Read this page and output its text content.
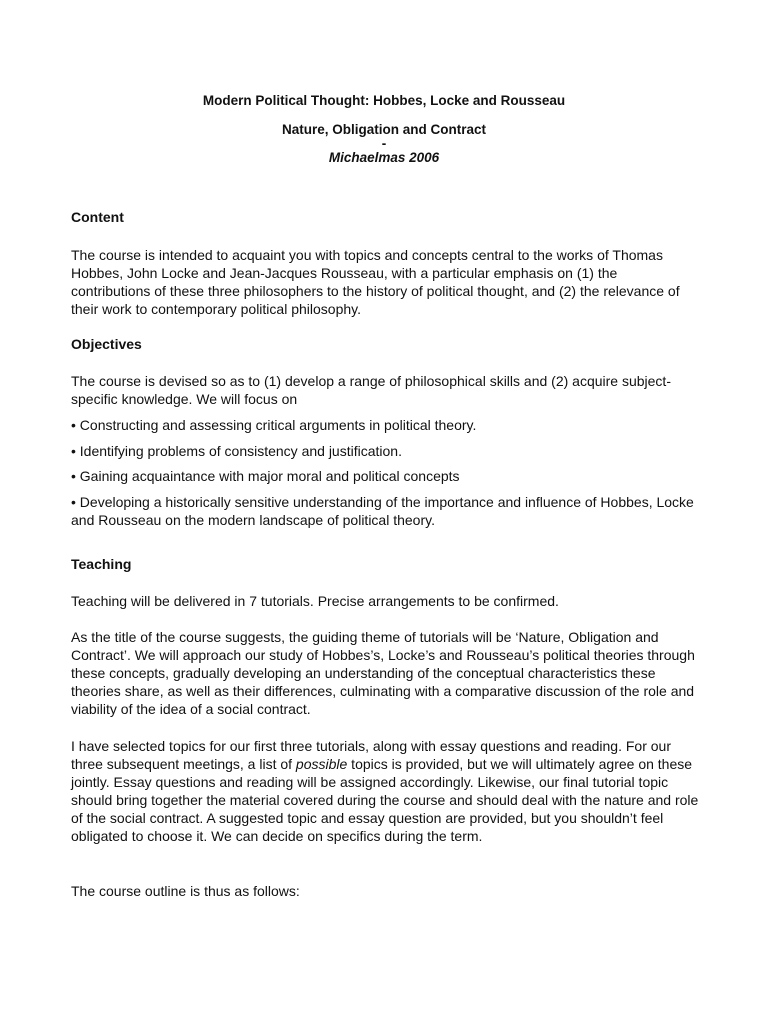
Modern Political Thought: Hobbes, Locke and Rousseau

Nature, Obligation and Contract

-

Michaelmas 2006

Content

The course is intended to acquaint you with topics and concepts central to the works of Thomas Hobbes, John Locke and Jean-Jacques Rousseau, with a particular emphasis on (1) the contributions of these three philosophers to the history of political thought, and (2) the relevance of their work to contemporary political philosophy.

Objectives

The course is devised so as to (1) develop a range of philosophical skills and (2) acquire subject-specific knowledge. We will focus on

• Constructing and assessing critical arguments in political theory.

• Identifying problems of consistency and justification.

• Gaining acquaintance with major moral and political concepts

• Developing a historically sensitive understanding of the importance and influence of Hobbes, Locke and Rousseau on the modern landscape of political theory.

Teaching

Teaching will be delivered in 7 tutorials. Precise arrangements to be confirmed.

As the title of the course suggests, the guiding theme of tutorials will be ‘Nature, Obligation and Contract’. We will approach our study of Hobbes’s, Locke’s and Rousseau’s political theories through these concepts, gradually developing an understanding of the conceptual characteristics these theories share, as well as their differences, culminating with a comparative discussion of the role and viability of the idea of a social contract.

I have selected topics for our first three tutorials, along with essay questions and reading. For our three subsequent meetings, a list of possible topics is provided, but we will ultimately agree on these jointly. Essay questions and reading will be assigned accordingly. Likewise, our final tutorial topic should bring together the material covered during the course and should deal with the nature and role of the social contract. A suggested topic and essay question are provided, but you shouldn’t feel obligated to choose it. We can decide on specifics during the term.

The course outline is thus as follows:
